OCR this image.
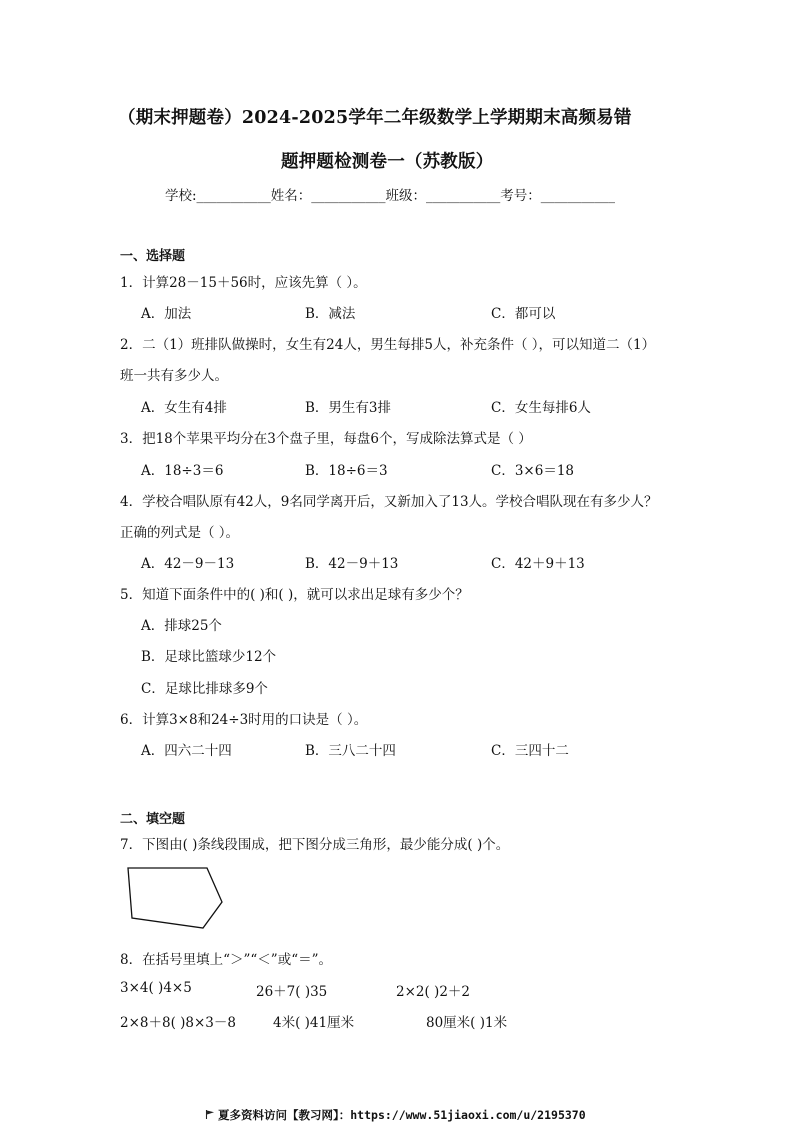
（期末押题卷）2024-2025学年二年级数学上学期期末高频易错
题押题检测卷一（苏教版）
学校:___________姓名：___________班级：___________考号：___________
一、选择题
1．计算28－15＋56时，应该先算（ ）。
A．加法	B．减法	C．都可以
2．二（1）班排队做操时，女生有24人，男生每排5人，补充条件（ ），可以知道二（1）
班一共有多少人。
A．女生有4排	B．男生有3排	C．女生每排6人
3．把18个苹果平均分在3个盘子里，每盘6个，写成除法算式是（ ）
A．18÷3＝6	B．18÷6＝3	C．3×6＝18
4．学校合唱队原有42人，9名同学离开后，又新加入了13人。学校合唱队现在有多少人？
正确的列式是（ ）。
A．42－9－13	B．42－9＋13	C．42＋9＋13
5．知道下面条件中的( )和( )，就可以求出足球有多少个？
A．排球25个
B．足球比篮球少12个
C．足球比排球多9个
6．计算3×8和24÷3时用的口诀是（ ）。
A．四六二十四	B．三八二十四	C．三四十二
二、填空题
7．下图由( )条线段围成，把下图分成三角形，最少能分成( )个。
8．在括号里填上“＞”“＜”或“＝”。
3×4( )4×5	26＋7( )35	2×2( )2＋2
2×8＋8( )8×3－8	4米( )41厘米	80厘米( )1米
夏多资料访问【教习网】：https://www.51jiaoxi.com/u/2195370
